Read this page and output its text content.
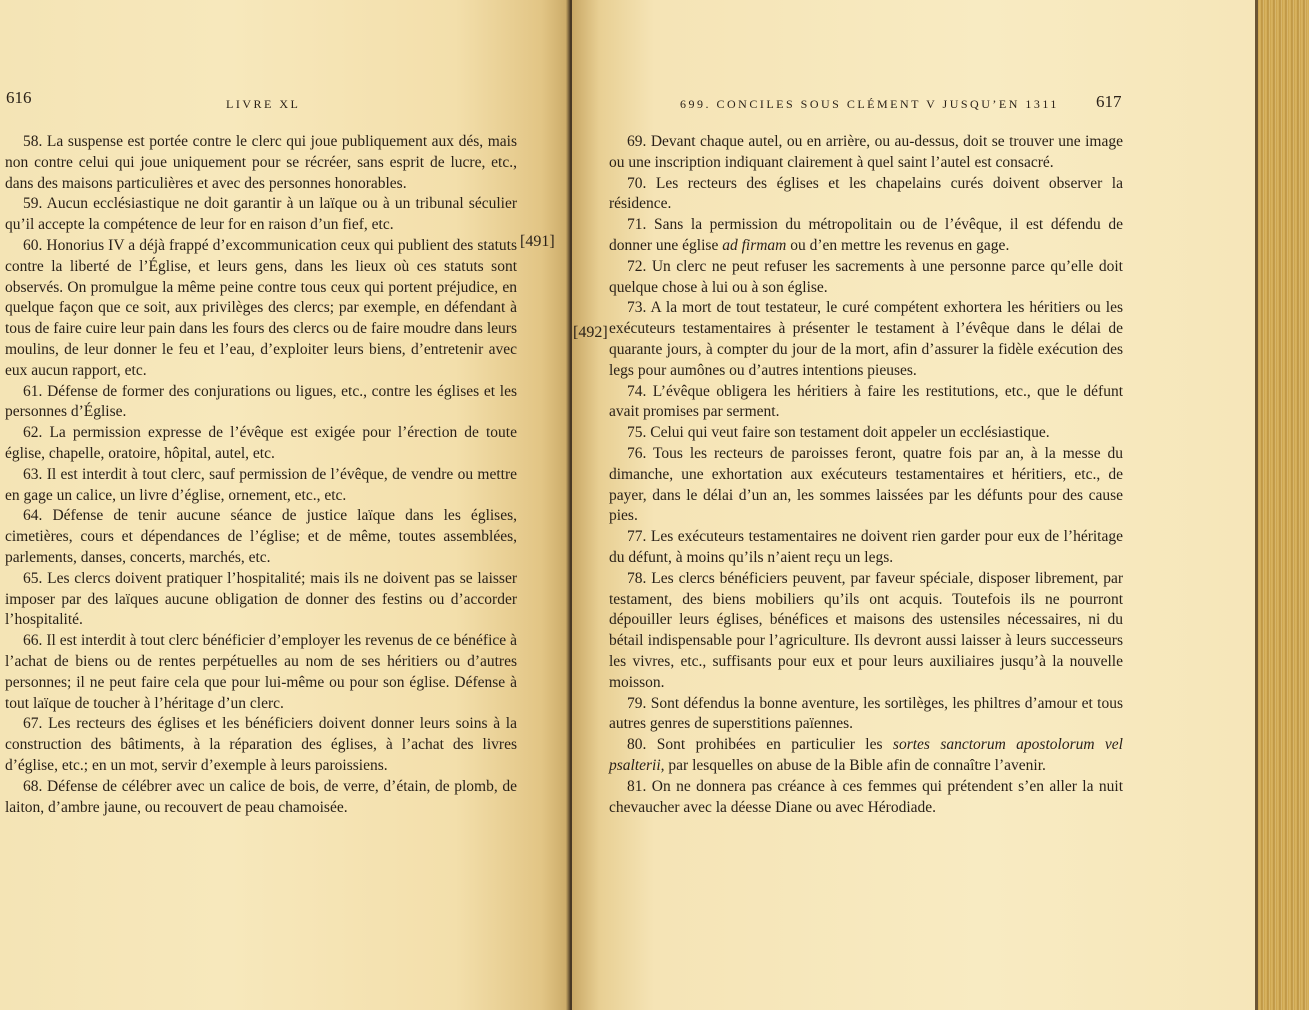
616	LIVRE XL

58. La suspense est portée contre le clerc qui joue publiquement aux dés, mais non contre celui qui joue uniquement pour se récréer, sans esprit de lucre, etc., dans des maisons particulières et avec des personnes honorables.

59. Aucun ecclésiastique ne doit garantir à un laïque ou à un tribunal séculier qu’il accepte la compétence de leur for en raison d’un fief, etc.

60. Honorius IV a déjà frappé d’excommunication ceux qui publient des statuts contre la liberté de l’Église, et leurs gens, dans les lieux où ces statuts sont observés. On promulgue la même peine contre tous ceux qui portent préjudice, en quelque façon que ce soit, aux privilèges des clercs; par exemple, en défendant à tous de faire cuire leur pain dans les fours des clercs ou de faire moudre dans leurs moulins, de leur donner le feu et l’eau, d’exploiter leurs biens, d’entretenir avec eux aucun rapport, etc.

61. Défense de former des conjurations ou ligues, etc., contre les églises et les personnes d’Église.

62. La permission expresse de l’évêque est exigée pour l’érection de toute église, chapelle, oratoire, hôpital, autel, etc.

63. Il est interdit à tout clerc, sauf permission de l’évêque, de vendre ou mettre en gage un calice, un livre d’église, ornement, etc., etc.

64. Défense de tenir aucune séance de justice laïque dans les églises, cimetières, cours et dépendances de l’église; et de même, toutes assemblées, parlements, danses, concerts, marchés, etc.

65. Les clercs doivent pratiquer l’hospitalité; mais ils ne doivent pas se laisser imposer par des laïques aucune obligation de donner des festins ou d’accorder l’hospitalité.

66. Il est interdit à tout clerc bénéficier d’employer les revenus de ce bénéfice à l’achat de biens ou de rentes perpétuelles au nom de ses héritiers ou d’autres personnes; il ne peut faire cela que pour lui-même ou pour son église. Défense à tout laïque de toucher à l’héritage d’un clerc.

67. Les recteurs des églises et les bénéficiers doivent donner leurs soins à la construction des bâtiments, à la réparation des églises, à l’achat des livres d’église, etc.; en un mot, servir d’exemple à leurs paroissiens.

68. Défense de célébrer avec un calice de bois, de verre, d’étain, de plomb, de laiton, d’ambre jaune, ou recouvert de peau chamoisée.

[491]
699. CONCILES SOUS CLÉMENT V JUSQU’EN 1311 617
[492]

69. Devant chaque autel, ou en arrière, ou au-dessus, doit se trouver une image ou une inscription indiquant clairement à quel saint l’autel est consacré.

70. Les recteurs des églises et les chapelains curés doivent observer la résidence.

71. Sans la permission du métropolitain ou de l’évêque, il est défendu de donner une église ad firmam ou d’en mettre les revenus en gage.

72. Un clerc ne peut refuser les sacrements à une personne parce qu’elle doit quelque chose à lui ou à son église.

73. A la mort de tout testateur, le curé compétent exhortera les héritiers ou les exécuteurs testamentaires à présenter le testament à l’évêque dans le délai de quarante jours, à compter du jour de la mort, afin d’assurer la fidèle exécution des legs pour aumônes ou d’autres intentions pieuses.

74. L’évêque obligera les héritiers à faire les restitutions, etc., que le défunt avait promises par serment.

75. Celui qui veut faire son testament doit appeler un ecclésiastique.

76. Tous les recteurs de paroisses feront, quatre fois par an, à la messe du dimanche, une exhortation aux exécuteurs testamentaires et héritiers, etc., de payer, dans le délai d’un an, les sommes laissées par les défunts pour des cause pies.

77. Les exécuteurs testamentaires ne doivent rien garder pour eux de l’héritage du défunt, à moins qu’ils n’aient reçu un legs.

78. Les clercs bénéficiers peuvent, par faveur spéciale, disposer librement, par testament, des biens mobiliers qu’ils ont acquis. Toutefois ils ne pourront dépouiller leurs églises, bénéfices et maisons des ustensiles nécessaires, ni du bétail indispensable pour l’agriculture. Ils devront aussi laisser à leurs successeurs les vivres, etc., suffisants pour eux et pour leurs auxiliaires jusqu’à la nouvelle moisson.

79. Sont défendus la bonne aventure, les sortilèges, les philtres d’amour et tous autres genres de superstitions païennes.

80. Sont prohibées en particulier les sortes sanctorum apostolorum vel psalterii, par lesquelles on abuse de la Bible afin de connaître l’avenir.

81. On ne donnera pas créance à ces femmes qui prétendent s’en aller la nuit chevaucher avec la déesse Diane ou avec Hérodiade.
